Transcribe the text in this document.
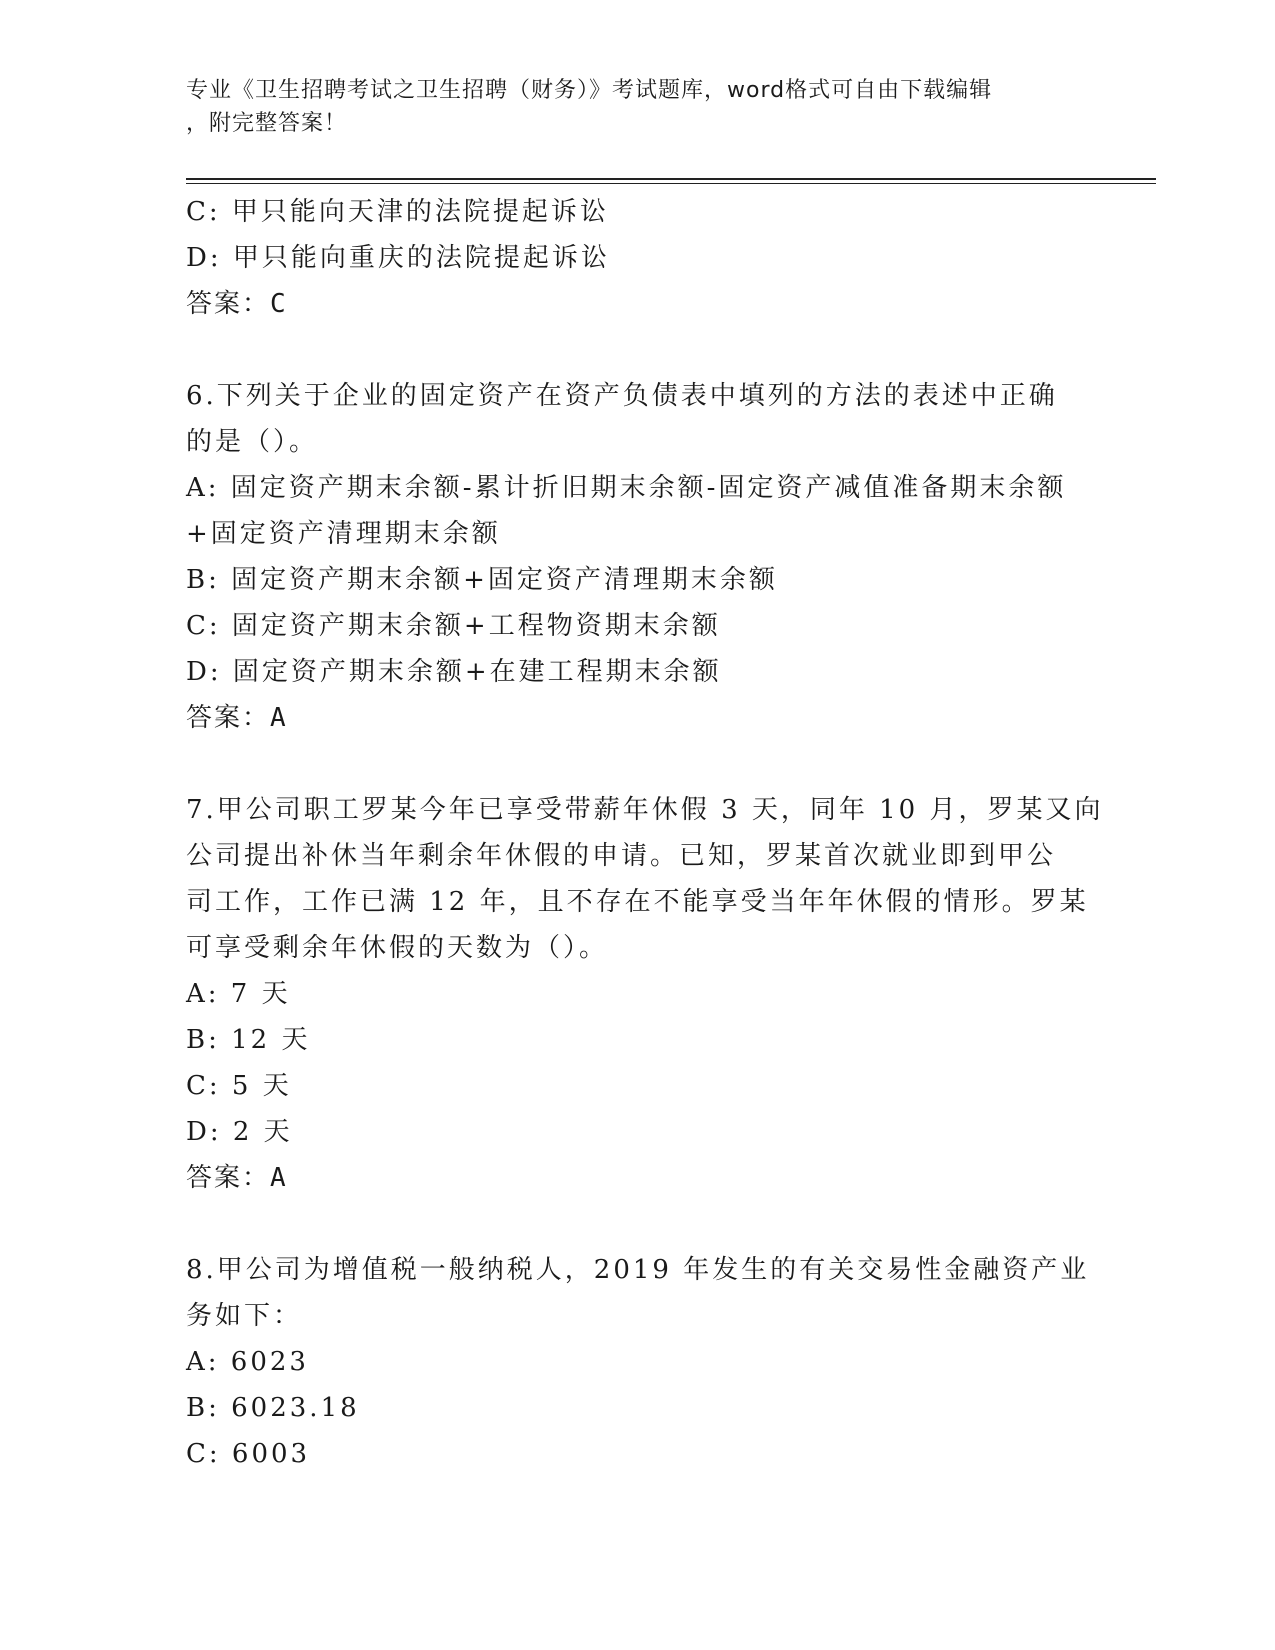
专业《卫生招聘考试之卫生招聘（财务）》考试题库，word格式可自由下载编辑
，附完整答案！
C: 甲只能向天津的法院提起诉讼
D: 甲只能向重庆的法院提起诉讼
答案：C
6.下列关于企业的固定资产在资产负债表中填列的方法的表述中正确
的是（）。
A: 固定资产期末余额-累计折旧期末余额-固定资产减值准备期末余额
+固定资产清理期末余额
B: 固定资产期末余额+固定资产清理期末余额
C: 固定资产期末余额+工程物资期末余额
D: 固定资产期末余额+在建工程期末余额
答案：A
7.甲公司职工罗某今年已享受带薪年休假 3 天，同年 10 月，罗某又向
公司提出补休当年剩余年休假的申请。已知，罗某首次就业即到甲公
司工作，工作已满 12 年，且不存在不能享受当年年休假的情形。罗某
可享受剩余年休假的天数为（）。
A: 7 天
B: 12 天
C: 5 天
D: 2 天
答案：A
8.甲公司为增值税一般纳税人，2019 年发生的有关交易性金融资产业
务如下：
A: 6023
B: 6023.18
C: 6003
